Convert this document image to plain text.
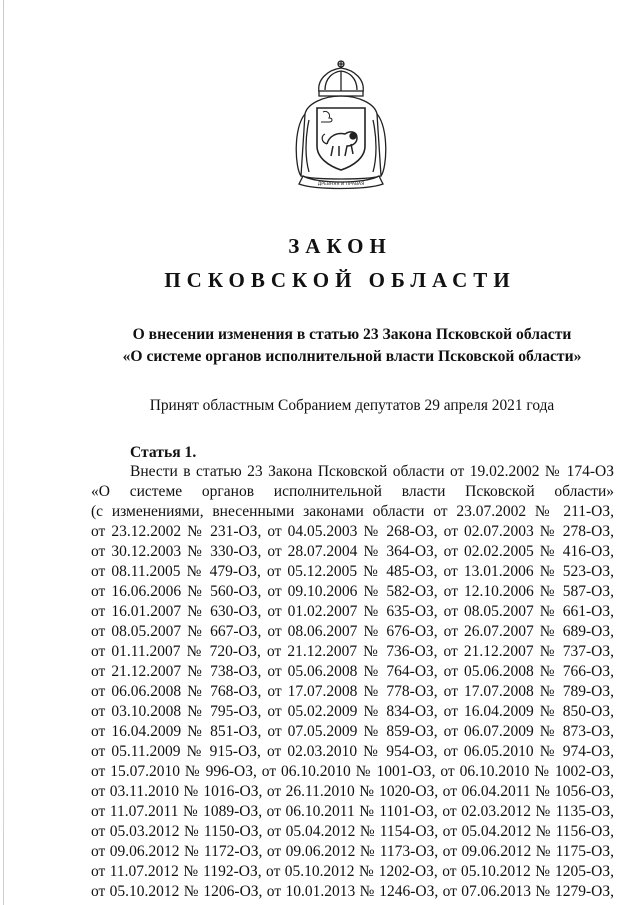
ДРЕВНЯЯ И ПРАВАЯ
ЗАКОН
ПСКОВСКОЙ ОБЛАСТИ
О внесении изменения в статью 23 Закона Псковской области
«О системе органов исполнительной власти Псковской области»
Принят областным Собранием депутатов 29 апреля 2021 года
Статья 1.
Внести в статью 23 Закона Псковской области от 19.02.2002 № 174-ОЗ
«О системе органов исполнительной власти Псковской области»
(с изменениями, внесенными законами области от 23.07.2002 № 211-ОЗ,
от 23.12.2002 № 231-ОЗ, от 04.05.2003 № 268-ОЗ, от 02.07.2003 № 278-ОЗ,
от 30.12.2003 № 330-ОЗ, от 28.07.2004 № 364-ОЗ, от 02.02.2005 № 416-ОЗ,
от 08.11.2005 № 479-ОЗ, от 05.12.2005 № 485-ОЗ, от 13.01.2006 № 523-ОЗ,
от 16.06.2006 № 560-ОЗ, от 09.10.2006 № 582-ОЗ, от 12.10.2006 № 587-ОЗ,
от 16.01.2007 № 630-ОЗ, от 01.02.2007 № 635-ОЗ, от 08.05.2007 № 661-ОЗ,
от 08.05.2007 № 667-ОЗ, от 08.06.2007 № 676-ОЗ, от 26.07.2007 № 689-ОЗ,
от 01.11.2007 № 720-ОЗ, от 21.12.2007 № 736-ОЗ, от 21.12.2007 № 737-ОЗ,
от 21.12.2007 № 738-ОЗ, от 05.06.2008 № 764-ОЗ, от 05.06.2008 № 766-ОЗ,
от 06.06.2008 № 768-ОЗ, от 17.07.2008 № 778-ОЗ, от 17.07.2008 № 789-ОЗ,
от 03.10.2008 № 795-ОЗ, от 05.02.2009 № 834-ОЗ, от 16.04.2009 № 850-ОЗ,
от 16.04.2009 № 851-ОЗ, от 07.05.2009 № 859-ОЗ, от 06.07.2009 № 873-ОЗ,
от 05.11.2009 № 915-ОЗ, от 02.03.2010 № 954-ОЗ, от 06.05.2010 № 974-ОЗ,
от 15.07.2010 № 996-ОЗ, от 06.10.2010 № 1001-ОЗ, от 06.10.2010 № 1002-ОЗ,
от 03.11.2010 № 1016-ОЗ, от 26.11.2010 № 1020-ОЗ, от 06.04.2011 № 1056-ОЗ,
от 11.07.2011 № 1089-ОЗ, от 06.10.2011 № 1101-ОЗ, от 02.03.2012 № 1135-ОЗ,
от 05.03.2012 № 1150-ОЗ, от 05.04.2012 № 1154-ОЗ, от 05.04.2012 № 1156-ОЗ,
от 09.06.2012 № 1172-ОЗ, от 09.06.2012 № 1173-ОЗ, от 09.06.2012 № 1175-ОЗ,
от 11.07.2012 № 1192-ОЗ, от 05.10.2012 № 1202-ОЗ, от 05.10.2012 № 1205-ОЗ,
от 05.10.2012 № 1206-ОЗ, от 10.01.2013 № 1246-ОЗ, от 07.06.2013 № 1279-ОЗ,
